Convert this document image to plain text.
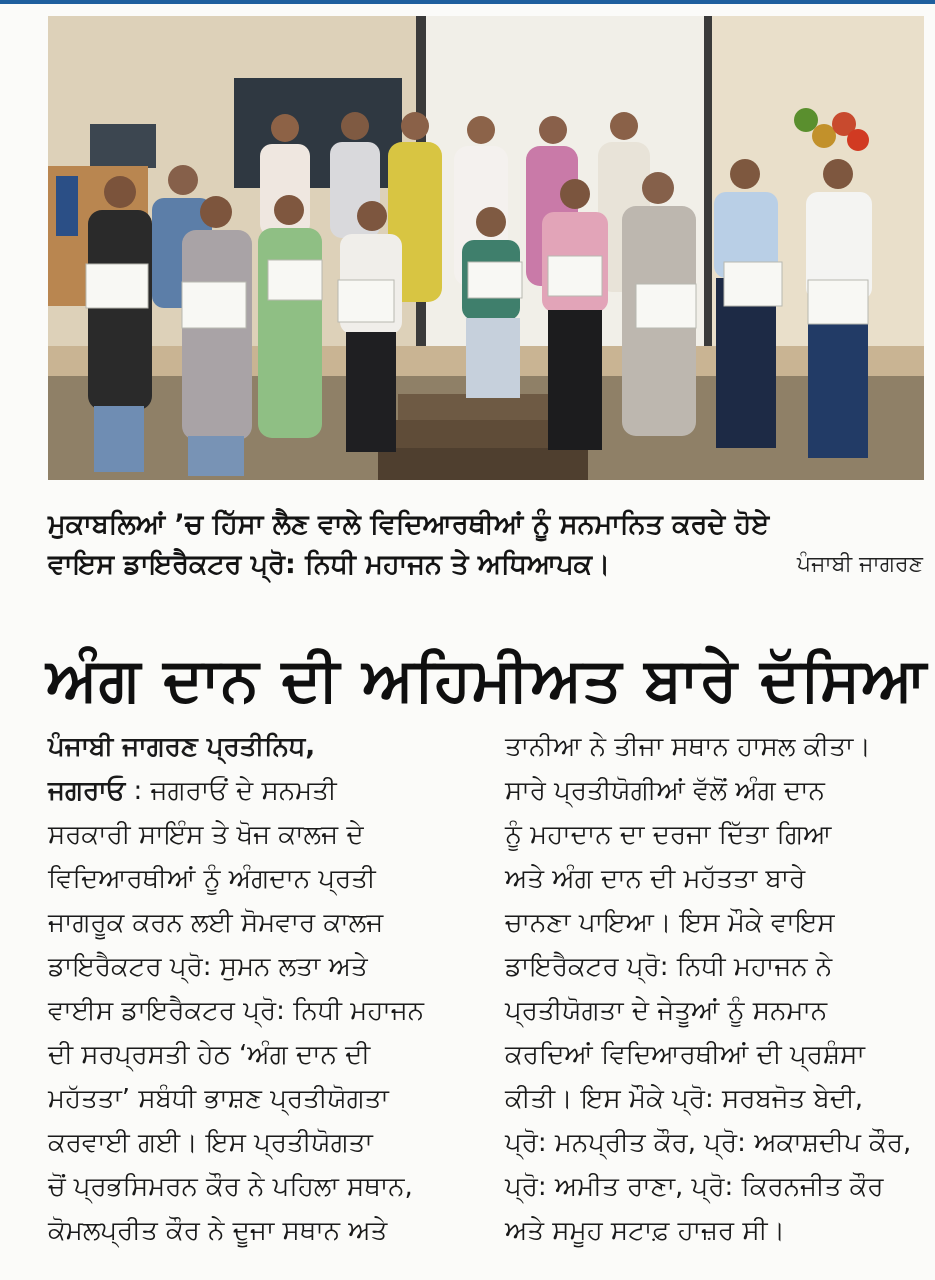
ਮੁਕਾਬਲਿਆਂ ’ਚ ਹਿੱਸਾ ਲੈਣ ਵਾਲੇ ਵਿਦਿਆਰਥੀਆਂ ਨੂੰ ਸਨਮਾਨਿਤ ਕਰਦੇ ਹੋਏ
ਵਾਇਸ ਡਾਇਰੈਕਟਰ ਪ੍ਰੋ: ਨਿਧੀ ਮਹਾਜਨ ਤੇ ਅਧਿਆਪਕ।	ਪੰਜਾਬੀ ਜਾਗਰਣ
ਅੰਗ ਦਾਨ ਦੀ ਅਹਿਮੀਅਤ ਬਾਰੇ ਦੱਸਿਆ
ਪੰਜਾਬੀ ਜਾਗਰਣ ਪ੍ਰਤੀਨਿਧ,
ਜਗਰਾਓ : ਜਗਰਾਓਂ ਦੇ ਸਨਮਤੀ
ਸਰਕਾਰੀ ਸਾਇੰਸ ਤੇ ਖੋਜ ਕਾਲਜ ਦੇ
ਵਿਦਿਆਰਥੀਆਂ ਨੂੰ ਅੰਗਦਾਨ ਪ੍ਰਤੀ
ਜਾਗਰੂਕ ਕਰਨ ਲਈ ਸੋਮਵਾਰ ਕਾਲਜ
ਡਾਇਰੈਕਟਰ ਪ੍ਰੋ: ਸੁਮਨ ਲਤਾ ਅਤੇ
ਵਾਈਸ ਡਾਇਰੈਕਟਰ ਪ੍ਰੋ: ਨਿਧੀ ਮਹਾਜਨ
ਦੀ ਸਰਪ੍ਰਸਤੀ ਹੇਠ ‘ਅੰਗ ਦਾਨ ਦੀ
ਮਹੱਤਤਾ’ ਸਬੰਧੀ ਭਾਸ਼ਣ ਪ੍ਰਤੀਯੋਗਤਾ
ਕਰਵਾਈ ਗਈ। ਇਸ ਪ੍ਰਤੀਯੋਗਤਾ
ਚੋਂ ਪ੍ਰਭਸਿਮਰਨ ਕੌਰ ਨੇ ਪਹਿਲਾ ਸਥਾਨ,
ਕੋਮਲਪ੍ਰੀਤ ਕੌਰ ਨੇ ਦੂਜਾ ਸਥਾਨ ਅਤੇ
ਤਾਨੀਆ ਨੇ ਤੀਜਾ ਸਥਾਨ ਹਾਸਲ ਕੀਤਾ।
ਸਾਰੇ ਪ੍ਰਤੀਯੋਗੀਆਂ ਵੱਲੋਂ ਅੰਗ ਦਾਨ
ਨੂੰ ਮਹਾਦਾਨ ਦਾ ਦਰਜਾ ਦਿੱਤਾ ਗਿਆ
ਅਤੇ ਅੰਗ ਦਾਨ ਦੀ ਮਹੱਤਤਾ ਬਾਰੇ
ਚਾਨਣਾ ਪਾਇਆ। ਇਸ ਮੌਕੇ ਵਾਇਸ
ਡਾਇਰੈਕਟਰ ਪ੍ਰੋ: ਨਿਧੀ ਮਹਾਜਨ ਨੇ
ਪ੍ਰਤੀਯੋਗਤਾ ਦੇ ਜੇਤੂਆਂ ਨੂੰ ਸਨਮਾਨ
ਕਰਦਿਆਂ ਵਿਦਿਆਰਥੀਆਂ ਦੀ ਪ੍ਰਸ਼ੰਸਾ
ਕੀਤੀ। ਇਸ ਮੌਕੇ ਪ੍ਰੋ: ਸਰਬਜੋਤ ਬੇਦੀ,
ਪ੍ਰੋ: ਮਨਪ੍ਰੀਤ ਕੌਰ, ਪ੍ਰੋ: ਅਕਾਸ਼ਦੀਪ ਕੌਰ,
ਪ੍ਰੋ: ਅਮੀਤ ਰਾਣਾ, ਪ੍ਰੋ: ਕਿਰਨਜੀਤ ਕੌਰ
ਅਤੇ ਸਮੂਹ ਸਟਾਫ਼ ਹਾਜ਼ਰ ਸੀ।
